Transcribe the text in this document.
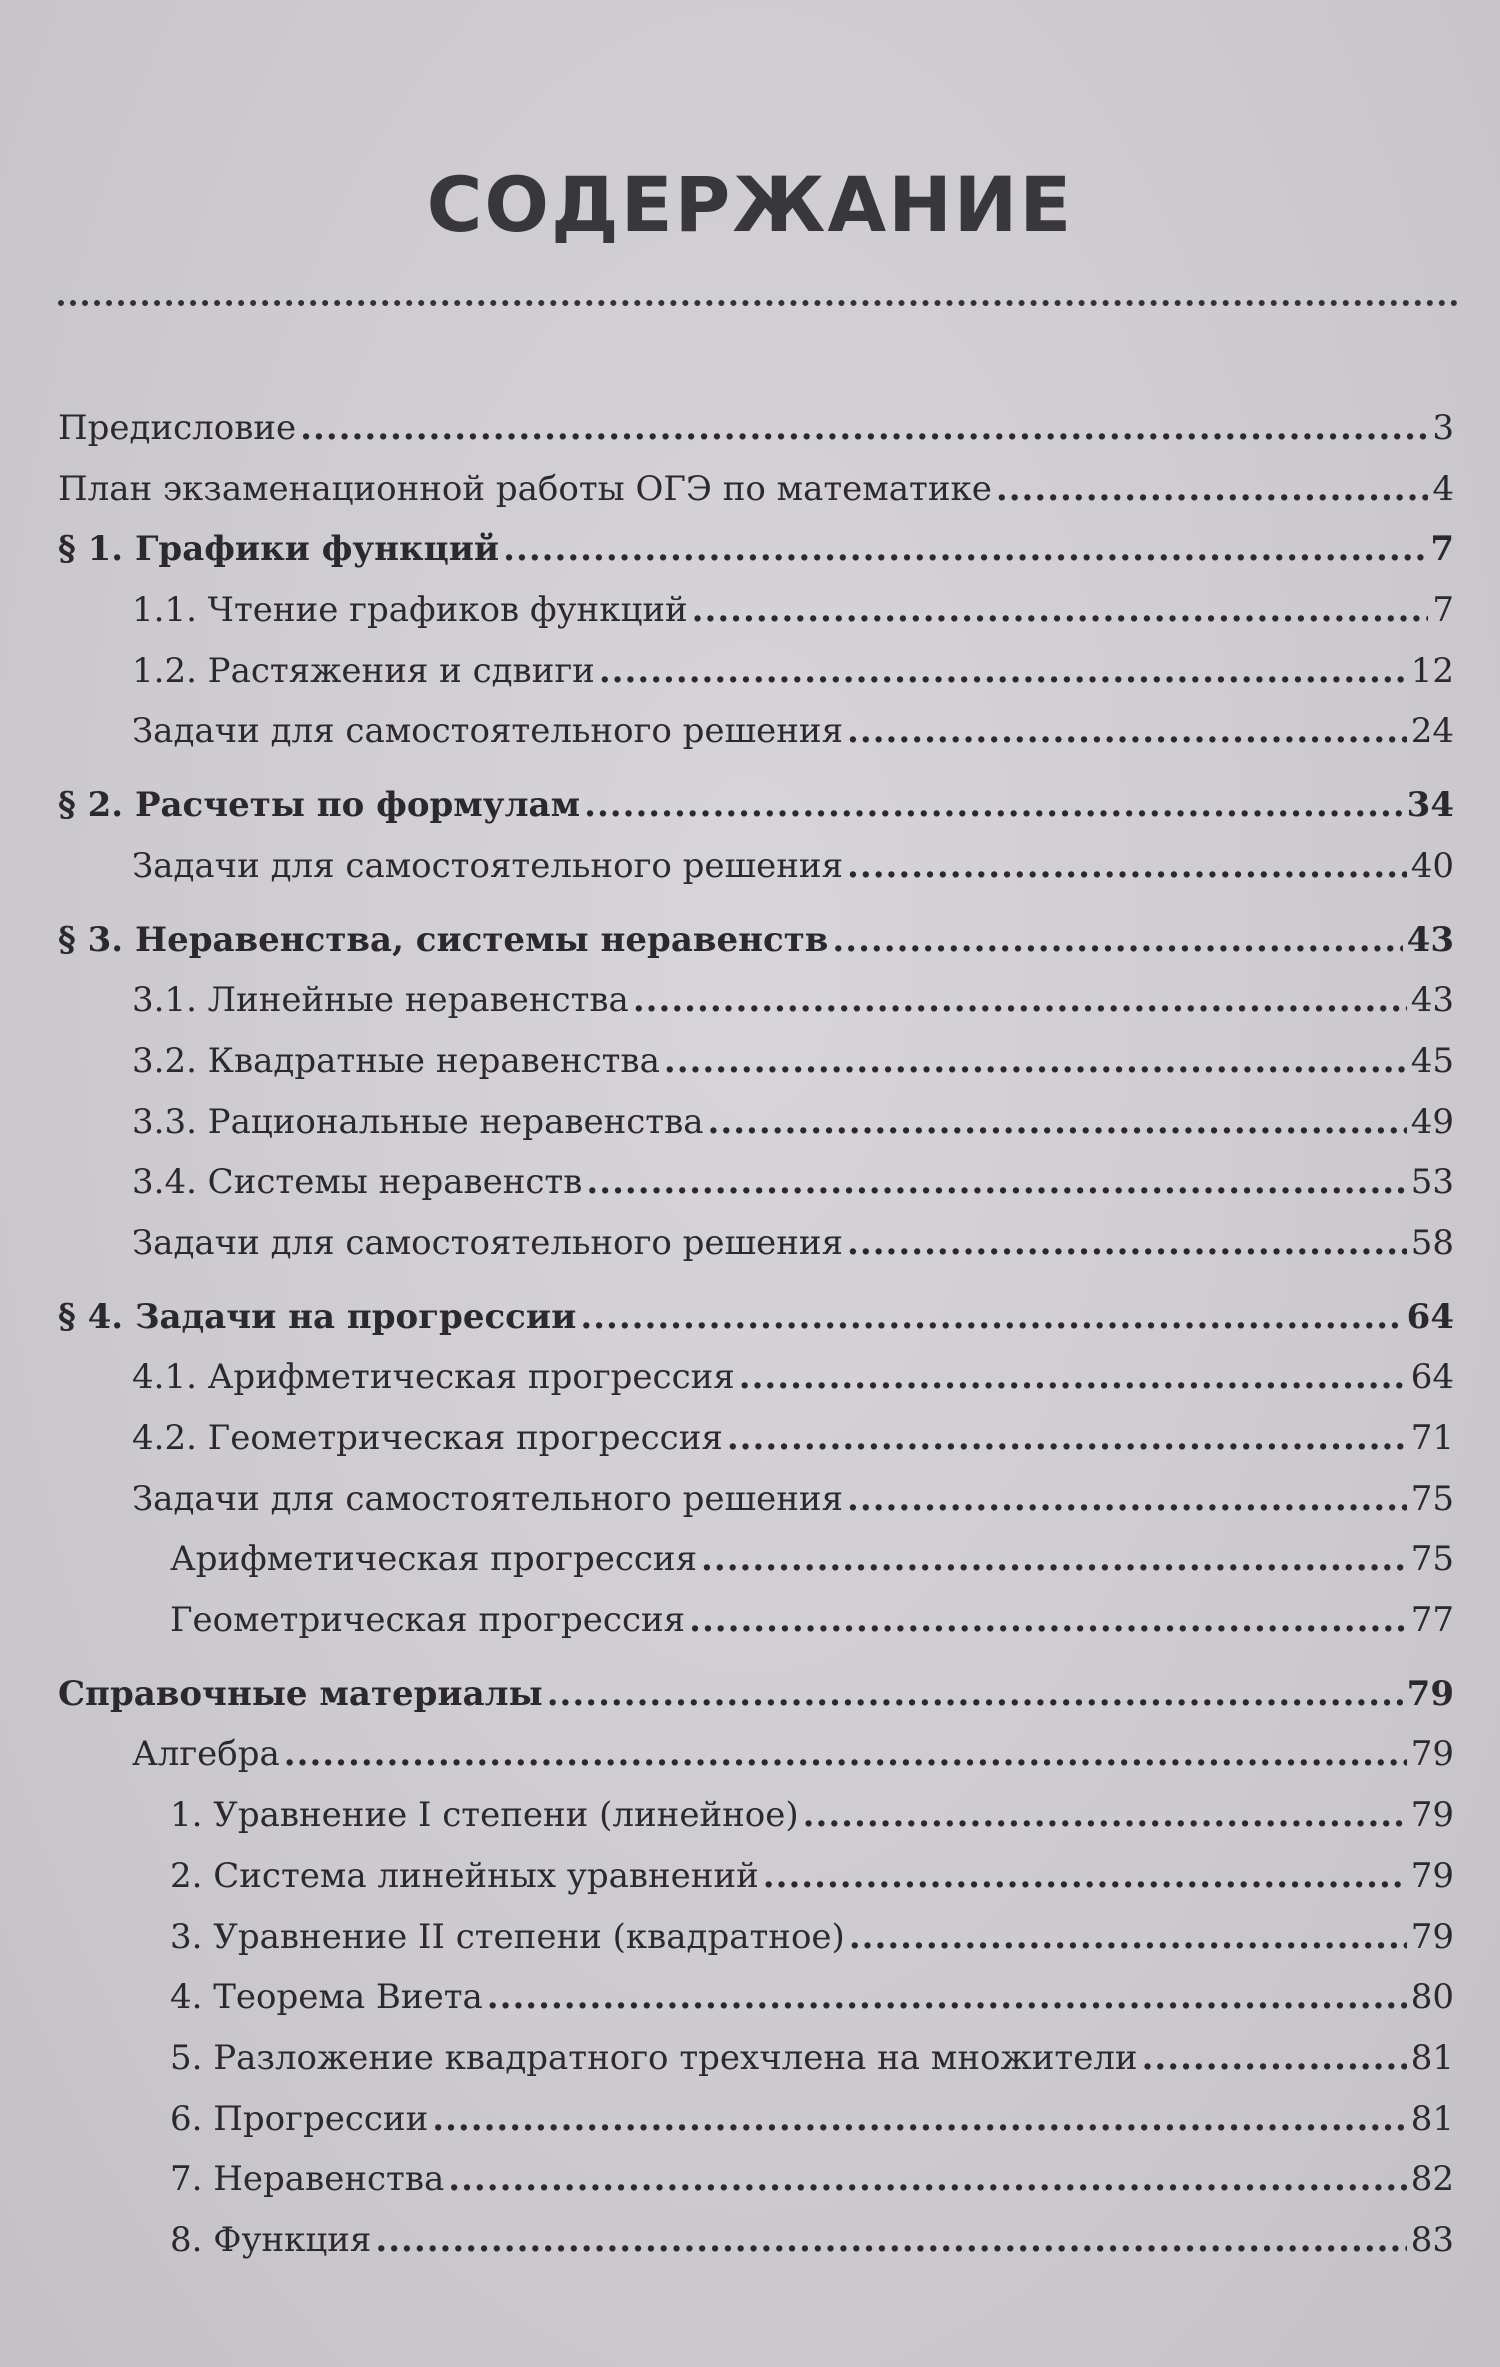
СОДЕРЖАНИЕ
Предисловие .....	3
План экзаменационной работы ОГЭ по математике .....	4
§ 1. Графики функций .....	7
1.1. Чтение графиков функций .....	7
1.2. Растяжения и сдвиги .....	12
Задачи для самостоятельного решения .....	24
§ 2. Расчеты по формулам .....	34
Задачи для самостоятельного решения .....	40
§ 3. Неравенства, системы неравенств .....	43
3.1. Линейные неравенства .....	43
3.2. Квадратные неравенства .....	45
3.3. Рациональные неравенства .....	49
3.4. Системы неравенств .....	53
Задачи для самостоятельного решения .....	58
§ 4. Задачи на прогрессии .....	64
4.1. Арифметическая прогрессия .....	64
4.2. Геометрическая прогрессия .....	71
Задачи для самостоятельного решения .....	75
Арифметическая прогрессия .....	75
Геометрическая прогрессия .....	77
Справочные материалы .....	79
Алгебра .....	79
1. Уравнение I степени (линейное) .....	79
2. Система линейных уравнений .....	79
3. Уравнение II степени (квадратное) .....	79
4. Теорема Виета .....	80
5. Разложение квадратного трехчлена на множители .....	81
6. Прогрессии .....	81
7. Неравенства .....	82
8. Функция .....	83
